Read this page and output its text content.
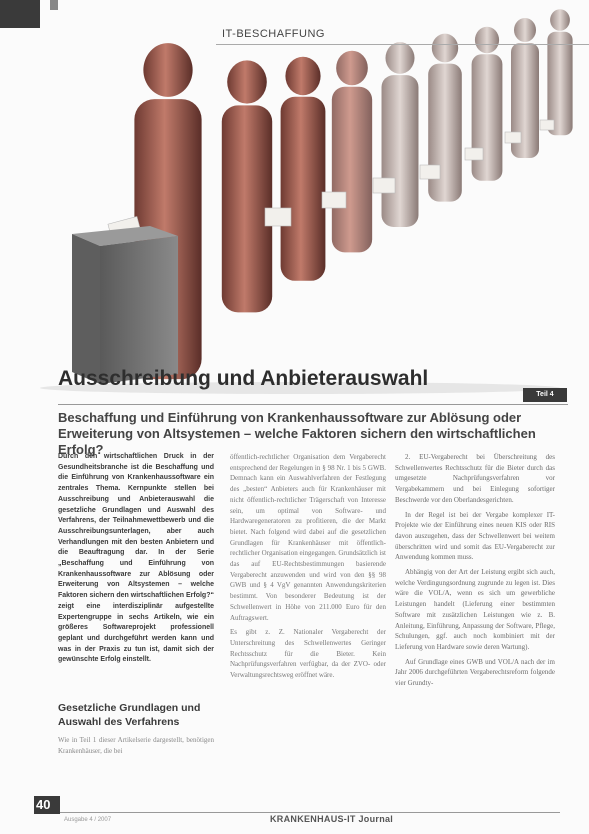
IT-BESCHAFFUNG
Ausschreibung und Anbieterauswahl
Teil 4
Beschaffung und Einführung von Krankenhaussoftware zur Ablösung oder Erweiterung von Altsystemen – welche Faktoren sichern den wirtschaftlichen Erfolg?

Durch den wirtschaftlichen Druck in der Gesundheitsbranche ist die Beschaffung und die Einführung von Krankenhaussoftware ein zentrales Thema. Kernpunkte stellen bei Ausschreibung und Anbieterauswahl die gesetzliche Grundlagen und Auswahl des Verfahrens, der Teilnahmewettbewerb und die Ausschreibungsunterlagen, aber auch Verhandlungen mit den besten Anbietern und die Beauftragung dar. In der Serie „Beschaffung und Einführung von Krankenhaussoftware zur Ablösung oder Erweiterung von Altsystemen – welche Faktoren sichern den wirtschaftlichen Erfolg?“ zeigt eine interdisziplinär aufgestellte Expertengruppe in sechs Artikeln, wie ein größeres Softwareprojekt professionell geplant und durchgeführt werden kann und was in der Praxis zu tun ist, damit sich der gewünschte Erfolg einstellt.

Gesetzliche Grundlagen und Auswahl des Verfahrens
Wie in Teil 1 dieser Artikelserie dargestellt, benötigen Krankenhäuser, die bei

öffentlich-rechtlicher Organisation dem Vergaberecht entsprechend der Regelungen in § 98 Nr. 1 bis 5 GWB. Demnach kann ein Auswahlverfahren der Festlegung des „besten“ Anbieters auch für Krankenhäuser mit nicht öffentlich-rechtlicher Trägerschaft von Interesse sein, um optimal von Software- und Hardwaregeneratoren zu profitieren, die der Markt bietet. Nach folgend wird dabei auf die gesetzlichen Grundlagen für Krankenhäuser mit öffentlich-rechtlicher Organisation eingegangen. Grundsätzlich ist das auf EU-Rechtsbestimmungen basierende Vergaberecht anzuwenden und wird von den §§ 98 GWB und § 4 VgV genannten Anwendungskriterien bestimmt. Von besonderer Bedeutung ist der Schwellenwert in Höhe von 211.000 Euro für den Auftragswert.

Es gibt z. Z. Nationaler Vergaberecht der Unterschreitung des Schwellenwertes Geringer Rechtsschutz für die Bieter. Kein Nachprüfungsverfahren verfügbar, da der ZVO- oder Verwaltungsrechtsweg eröffnet wäre.

2. EU-Vergaberecht bei Überschreitung des Schwellenwertes Rechtsschutz für die Bieter durch das umgesetzte Nachprüfungsverfahren vor Vergabekammern und bei Einlegung sofortiger Beschwerde vor den Oberlandesgerichten.

In der Regel ist bei der Vergabe komplexer IT-Projekte wie der Einführung eines neuen KIS oder RIS davon auszugehen, dass der Schwellenwert bei weitem überschritten wird und somit das EU-Vergaberecht zur Anwendung kommen muss.

Abhängig von der Art der Leistung ergibt sich auch, welche Verdingungsordnung zugrunde zu legen ist. Dies wäre die VOL/A, wenn es sich um gewerbliche Leistungen handelt (Lieferung einer bestimmten Software mit zusätzlichen Leistungen wie z. B. Anleitung, Einführung, Anpassung der Software, Pflege, Schulungen, ggf. auch noch kombiniert mit der Lieferung von Hardware sowie deren Wartung).

Auf Grundlage eines GWB und VOL/A nach der im Jahr 2006 durchgeführten Vergaberechtsreform folgende vier Grundty-

40
Ausgabe 4 / 2007	KRANKENHAUS-IT Journal
